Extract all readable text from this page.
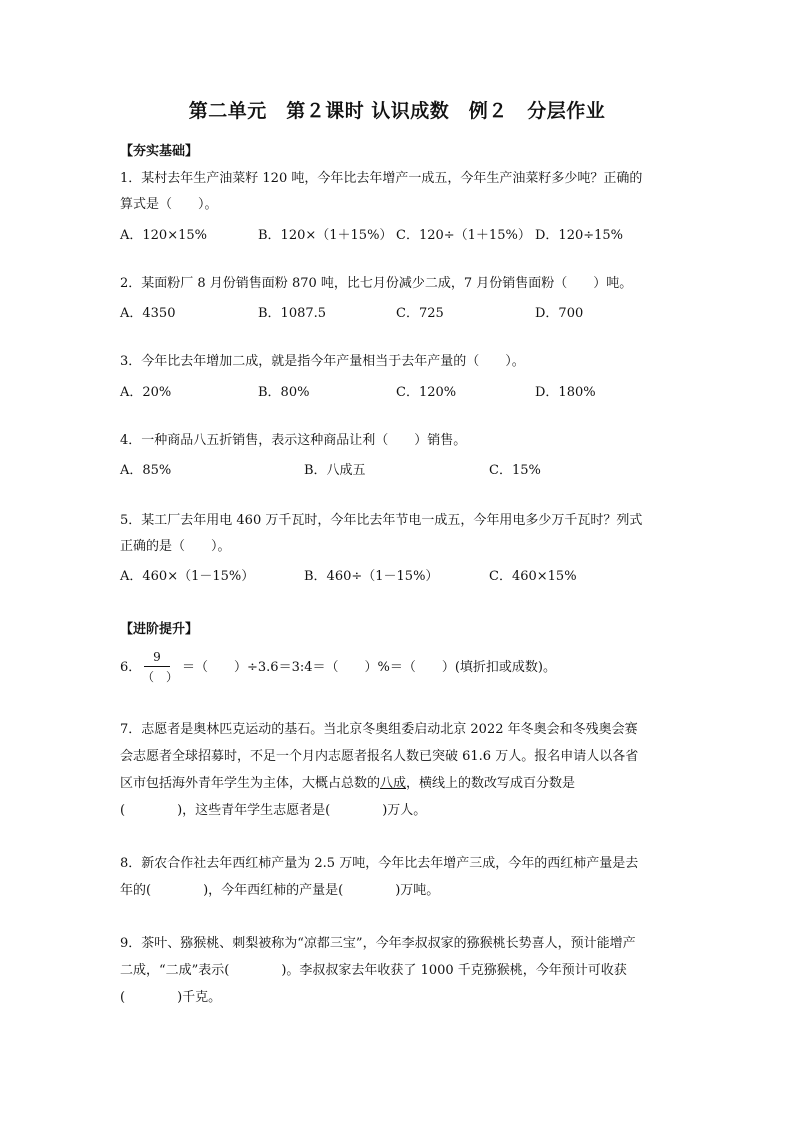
第二单元　第２课时 认识成数　例２　分层作业
【夯实基础】
1．某村去年生产油菜籽 120 吨，今年比去年增产一成五，今年生产油菜籽多少吨？正确的
算式是（　　）。
A．120×15%	B．120×（1＋15%） C．120÷（1＋15%） D．120÷15%
2．某面粉厂 8 月份销售面粉 870 吨，比七月份减少二成，7 月份销售面粉（　　）吨。
A．4350	B．1087.5	C．725	D．700
3．今年比去年增加二成，就是指今年产量相当于去年产量的（　　）。
A．20%	B．80%	C．120%	D．180%
4．一种商品八五折销售，表示这种商品让利（　　）销售。
A．85%	B．八成五	C．15%
5．某工厂去年用电 460 万千瓦时，今年比去年节电一成五，今年用电多少万千瓦时？列式
正确的是（　　）。
A．460×（1－15%）	B．460÷（1－15%）	C．460×15%
【进阶提升】
6．
9
（　）
＝（　　）÷3.6＝3:4＝（　　）%＝（　　）(填折扣或成数)。
7．志愿者是奥林匹克运动的基石。当北京冬奥组委启动北京 2022 年冬奥会和冬残奥会赛
会志愿者全球招募时，不足一个月内志愿者报名人数已突破 61.6 万人。报名申请人以各省
区市包括海外青年学生为主体，大概占总数的八成，横线上的数改写成百分数是
(　　　　)，这些青年学生志愿者是(　　　　)万人。
8．新农合作社去年西红柿产量为 2.5 万吨，今年比去年增产三成，今年的西红柿产量是去
年的(　　　　)，今年西红柿的产量是(　　　　)万吨。
9．茶叶、猕猴桃、刺梨被称为“凉都三宝”，今年李叔叔家的猕猴桃长势喜人，预计能增产
二成，“二成”表示(　　　　)。李叔叔家去年收获了 1000 千克猕猴桃，今年预计可收获
(　　　　)千克。
